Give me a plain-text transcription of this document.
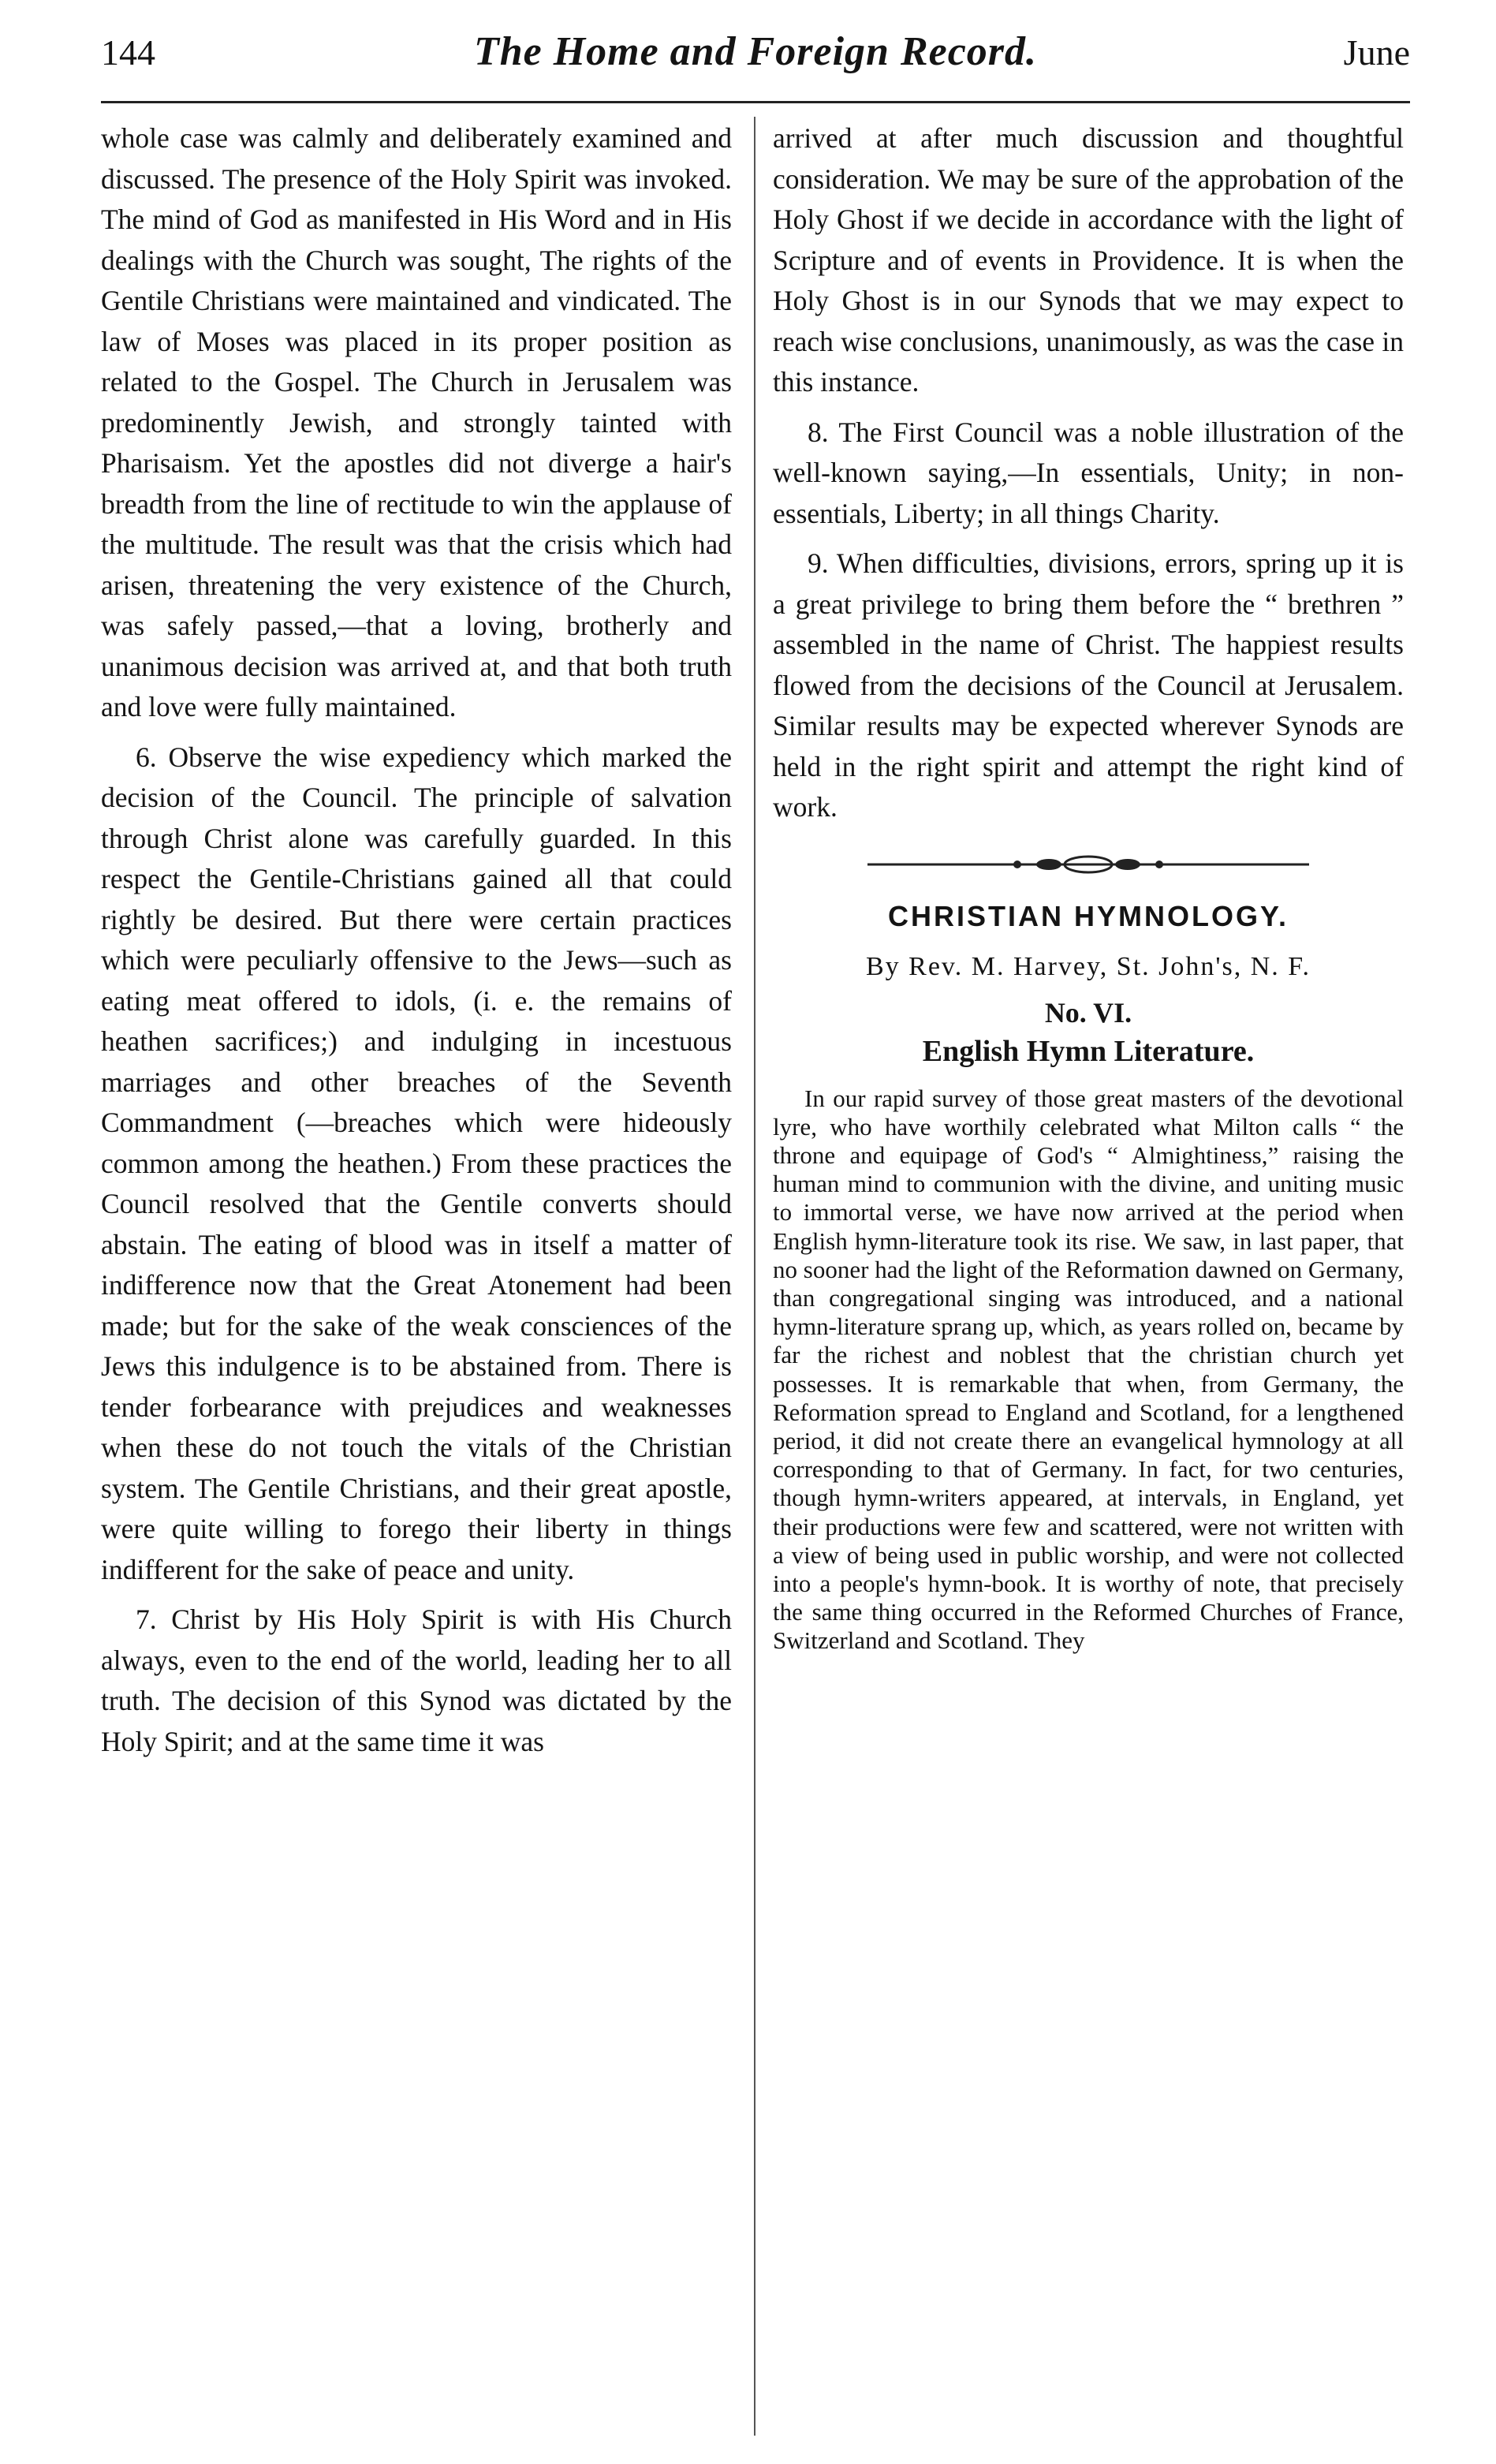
144	The Home and Foreign Record.	June

whole case was calmly and deliberately examined and discussed. The presence of the Holy Spirit was invoked. The mind of God as manifested in His Word and in His dealings with the Church was sought, The rights of the Gentile Christians were maintained and vindicated. The law of Moses was placed in its proper position as related to the Gospel. The Church in Jerusalem was predominently Jewish, and strongly tainted with Pharisaism. Yet the apostles did not diverge a hair's breadth from the line of rectitude to win the applause of the multitude. The result was that the crisis which had arisen, threatening the very existence of the Church, was safely passed,—that a loving, brotherly and unanimous decision was arrived at, and that both truth and love were fully maintained.

6. Observe the wise expediency which marked the decision of the Council. The principle of salvation through Christ alone was carefully guarded. In this respect the Gentile-Christians gained all that could rightly be desired. But there were certain practices which were peculiarly offensive to the Jews—such as eating meat offered to idols, (i. e. the remains of heathen sacrifices;) and indulging in incestuous marriages and other breaches of the Seventh Commandment (—breaches which were hideously common among the heathen.) From these practices the Council resolved that the Gentile converts should abstain. The eating of blood was in itself a matter of indifference now that the Great Atonement had been made; but for the sake of the weak consciences of the Jews this indulgence is to be abstained from. There is tender forbearance with prejudices and weaknesses when these do not touch the vitals of the Christian system. The Gentile Christians, and their great apostle, were quite willing to forego their liberty in things indifferent for the sake of peace and unity.

7. Christ by His Holy Spirit is with His Church always, even to the end of the world, leading her to all truth. The decision of this Synod was dictated by the Holy Spirit; and at the same time it was

arrived at after much discussion and thoughtful consideration. We may be sure of the approbation of the Holy Ghost if we decide in accordance with the light of Scripture and of events in Providence. It is when the Holy Ghost is in our Synods that we may expect to reach wise conclusions, unanimously, as was the case in this instance.

8. The First Council was a noble illustration of the well-known saying,—In essentials, Unity; in non-essentials, Liberty; in all things Charity.

9. When difficulties, divisions, errors, spring up it is a great privilege to bring them before the “ brethren ” assembled in the name of Christ. The happiest results flowed from the decisions of the Council at Jerusalem. Similar results may be expected wherever Synods are held in the right spirit and attempt the right kind of work.

CHRISTIAN HYMNOLOGY.
By Rev. M. Harvey, St. John's, N. F.
No. VI.
English Hymn Literature.

In our rapid survey of those great masters of the devotional lyre, who have worthily celebrated what Milton calls “ the throne and equipage of God's “ Almightiness,” raising the human mind to communion with the divine, and uniting music to immortal verse, we have now arrived at the period when English hymn-literature took its rise. We saw, in last paper, that no sooner had the light of the Reformation dawned on Germany, than congregational singing was introduced, and a national hymn-literature sprang up, which, as years rolled on, became by far the richest and noblest that the christian church yet possesses. It is remarkable that when, from Germany, the Reformation spread to England and Scotland, for a lengthened period, it did not create there an evangelical hymnology at all corresponding to that of Germany. In fact, for two centuries, though hymn-writers appeared, at intervals, in England, yet their productions were few and scattered, were not written with a view of being used in public worship, and were not collected into a people's hymn-book. It is worthy of note, that precisely the same thing occurred in the Reformed Churches of France, Switzerland and Scotland. They
